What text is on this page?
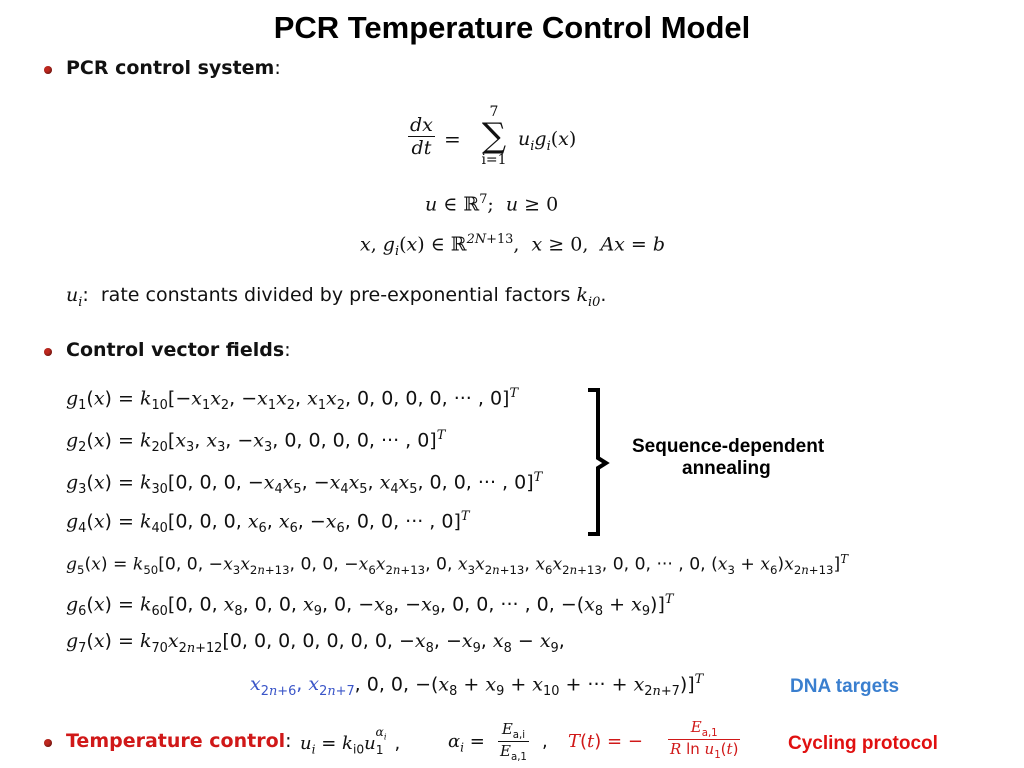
PCR Temperature Control Model
PCR control system:
$\frac{dx}{dt}$ =
7
∑
i=1
$u_ig_i(x)$
u ∈ ℝ$^7$;  u ≥ 0
x, $g_i(x)$ ∈ ℝ$^{2N+13}$,  x ≥ 0,  Ax = b
$u_i$:  rate constants divided by pre-exponential factors $k_{i0}$.
Control vector fields:
$g_1(x) = k_{10}[-x_1x_2$, $-x_1x_2$, $x_1x_2$, 0, 0, 0, 0, ··· , 0]$^T$
$g_2(x) = k_{20}[x_3$, $x_3$, $-x_3$, 0, 0, 0, 0, ··· , 0]$^T$
$g_3(x) = k_{30}[0$, 0, 0, $-x_4x_5$, $-x_4x_5$, $x_4x_5$, 0, 0, ··· , 0]$^T$
$g_4(x) = k_{40}[0$, 0, 0, $x_6$, $x_6$, $-x_6$, 0, 0, ··· , 0]$^T$
$g_5(x) = k_{50}[0$, 0, $-x_3x_{2n+13}$, 0, 0, $-x_6x_{2n+13}$, 0, $x_3x_{2n+13}$, $x_6x_{2n+13}$, 0, 0, ··· , 0, $(x_3 + x_6)x_{2n+13}]^T$
$g_6(x) = k_{60}[0$, 0, $x_8$, 0, 0, $x_9$, 0, $-x_8$, $-x_9$, 0, 0, ··· , 0, $-(x_8 + x_9)]^T$
$g_7(x) = k_{70}x_{2n+12}[0$, 0, 0, 0, 0, 0, 0, $-x_8$, $-x_9$, $x_8 - x_9$,
$x_{2n+6}$, $x_{2n+7}$, 0, 0, $-(x_8 + x_9 + x_{10}$ + ··· + $x_{2n+7})]^T$
Sequence-dependent
annealing
DNA targets
Temperature control: $u_i = k_{i0}u_1^{\alpha_i}$ ,	$\alpha_i = \frac{E_{a,i}}{E_{a,1}}$ , T(t) = − $\frac{E_{a,1}}{R \ln u_1(t)}$	Cycling protocol
